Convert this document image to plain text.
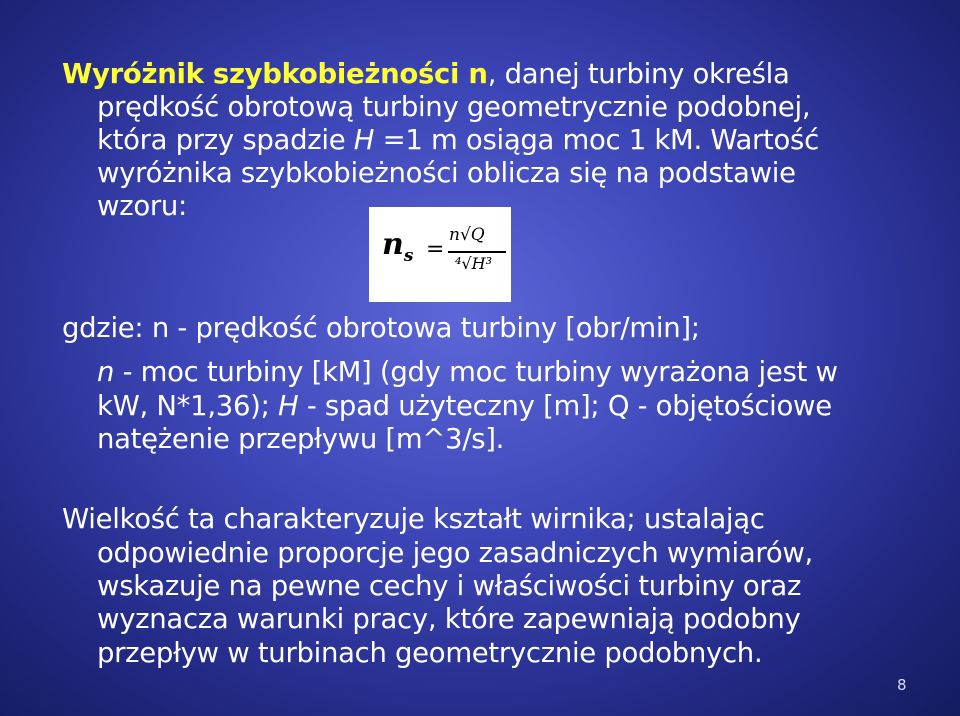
Wyróżnik szybkobieżności n, danej turbiny określa
prędkość obrotową turbiny geometrycznie podobnej,
która przy spadzie H =1 m osiąga moc 1 kM. Wartość
wyróżnika szybkobieżności oblicza się na podstawie
wzoru:
$n_s$ =
n√Q
⁴√H³
gdzie: n - prędkość obrotowa turbiny [obr/min];
n - moc turbiny [kM] (gdy moc turbiny wyrażona jest w
kW, N*1,36); H - spad użyteczny [m]; Q - objętościowe
natężenie przepływu [m^3/s].
Wielkość ta charakteryzuje kształt wirnika; ustalając
odpowiednie proporcje jego zasadniczych wymiarów,
wskazuje na pewne cechy i właściwości turbiny oraz
wyznacza warunki pracy, które zapewniają podobny
przepływ w turbinach geometrycznie podobnych.
8
